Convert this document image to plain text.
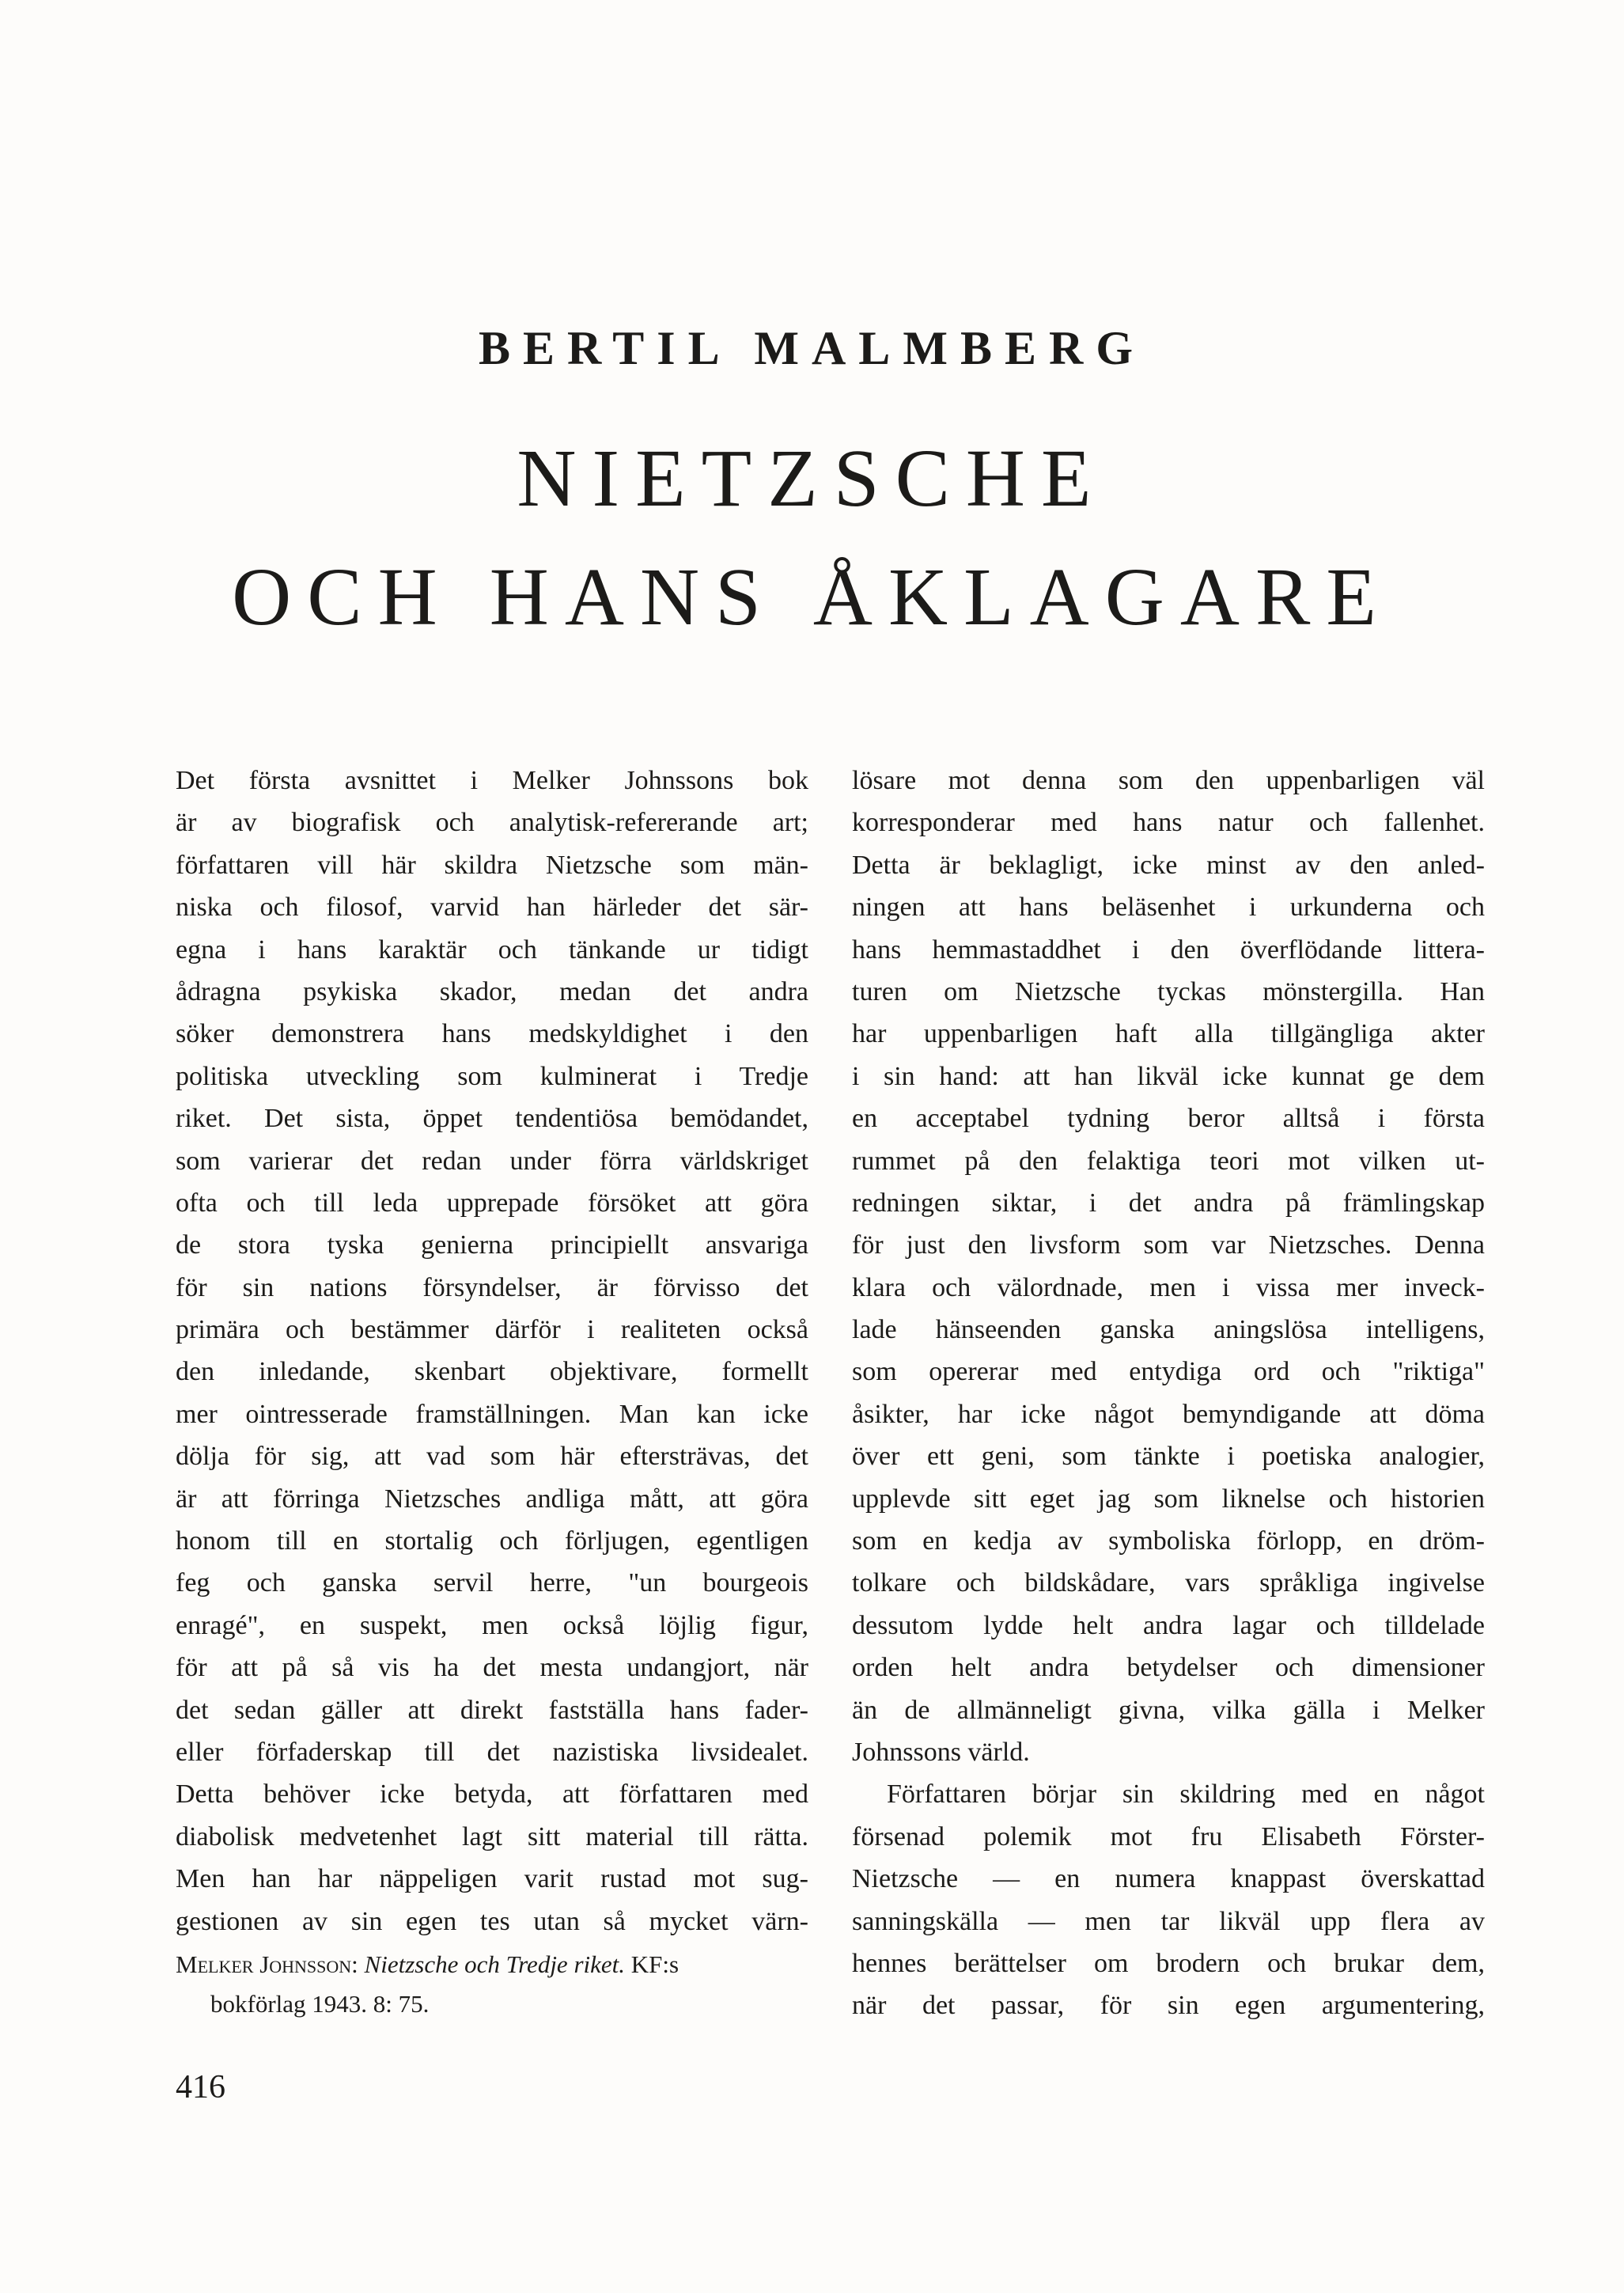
BERTIL MALMBERG
NIETZSCHE
OCH HANS ÅKLAGARE
Det första avsnittet i Melker Johnssons bok
är av biografisk och analytisk-refererande art;
författaren vill här skildra Nietzsche som män-
niska och filosof, varvid han härleder det sär-
egna i hans karaktär och tänkande ur tidigt
ådragna psykiska skador, medan det andra
söker demonstrera hans medskyldighet i den
politiska utveckling som kulminerat i Tredje
riket. Det sista, öppet tendentiösa bemödandet,
som varierar det redan under förra världskriget
ofta och till leda upprepade försöket att göra
de stora tyska genierna principiellt ansvariga
för sin nations försyndelser, är förvisso det
primära och bestämmer därför i realiteten också
den inledande, skenbart objektivare, formellt
mer ointresserade framställningen. Man kan icke
dölja för sig, att vad som här eftersträvas, det
är att förringa Nietzsches andliga mått, att göra
honom till en stortalig och förljugen, egentligen
feg och ganska servil herre, "un bourgeois
enragé", en suspekt, men också löjlig figur,
för att på så vis ha det mesta undangjort, när
det sedan gäller att direkt fastställa hans fader-
eller förfaderskap till det nazistiska livsidealet.
Detta behöver icke betyda, att författaren med
diabolisk medvetenhet lagt sitt material till rätta.
Men han har näppeligen varit rustad mot sug-
gestionen av sin egen tes utan så mycket värn-
lösare mot denna som den uppenbarligen väl
korresponderar med hans natur och fallenhet.
Detta är beklagligt, icke minst av den anled-
ningen att hans beläsenhet i urkunderna och
hans hemmastaddhet i den överflödande littera-
turen om Nietzsche tyckas mönstergilla. Han
har uppenbarligen haft alla tillgängliga akter
i sin hand: att han likväl icke kunnat ge dem
en acceptabel tydning beror alltså i första
rummet på den felaktiga teori mot vilken ut-
redningen siktar, i det andra på främlingskap
för just den livsform som var Nietzsches. Denna
klara och välordnade, men i vissa mer inveck-
lade hänseenden ganska aningslösa intelligens,
som opererar med entydiga ord och "riktiga"
åsikter, har icke något bemyndigande att döma
över ett geni, som tänkte i poetiska analogier,
upplevde sitt eget jag som liknelse och historien
som en kedja av symboliska förlopp, en dröm-
tolkare och bildskådare, vars språkliga ingivelse
dessutom lydde helt andra lagar och tilldelade
orden helt andra betydelser och dimensioner
än de allmänneligt givna, vilka gälla i Melker
Johnssons värld.
Författaren börjar sin skildring med en något
försenad polemik mot fru Elisabeth Förster-
Nietzsche — en numera knappast överskattad
sanningskälla — men tar likväl upp flera av
hennes berättelser om brodern och brukar dem,
när det passar, för sin egen argumentering,
Melker Johnsson: Nietzsche och Tredje riket. KF:s
bokförlag 1943. 8: 75.
416
